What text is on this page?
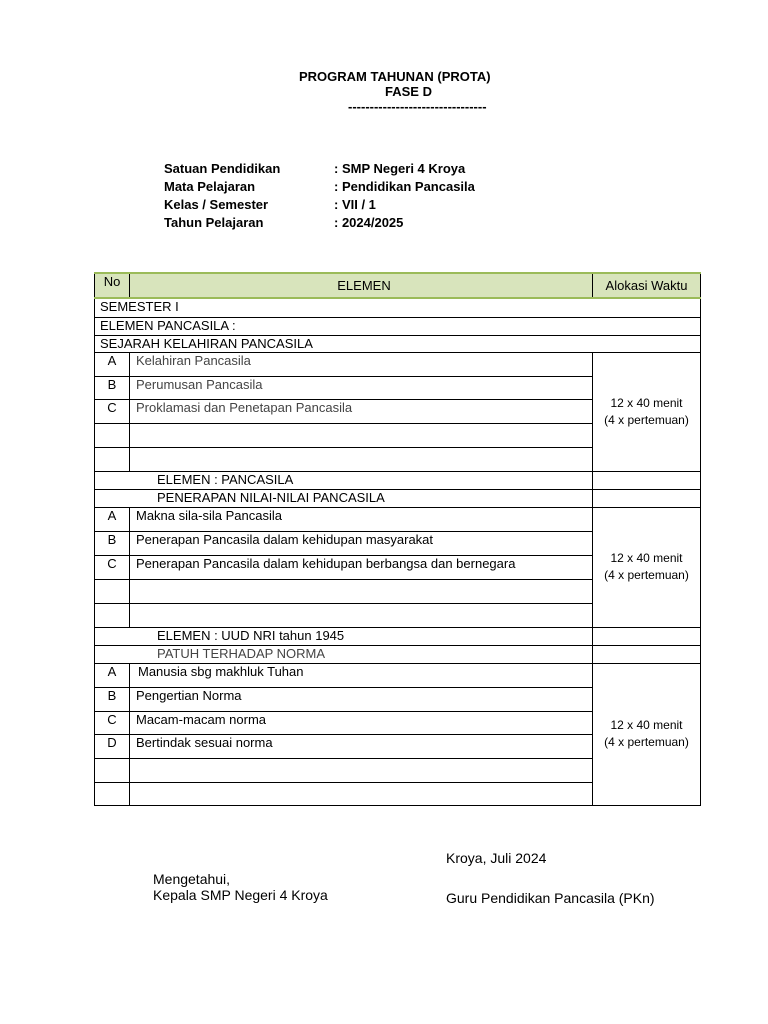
PROGRAM TAHUNAN (PROTA)
FASE D
--------------------------------
Satuan Pendidikan	: SMP Negeri 4 Kroya
Mata Pelajaran	: Pendidikan Pancasila
Kelas / Semester	: VII / 1
Tahun Pelajaran	: 2024/2025
No	ELEMEN	Alokasi Waktu
SEMESTER I		
ELEMEN PANCASILA :		
SEJARAH KELAHIRAN PANCASILA		
A	Kelahiran Pancasila	12 x 40 menit
(4 x pertemuan)

B	Perumusan Pancasila	
C	Proklamasi dan Penetapan Pancasila	

ELEMEN : PANCASILA		
PENERAPAN NILAI-NILAI PANCASILA		
A	Makna sila-sila Pancasila	12 x 40 menit
(4 x pertemuan)

B	Penerapan Pancasila dalam kehidupan masyarakat	
C	Penerapan Pancasila dalam kehidupan berbangsa dan bernegara	

ELEMEN : UUD NRI tahun 1945		
PATUH TERHADAP NORMA		
A	Manusia sbg makhluk Tuhan	12 x 40 menit
(4 x pertemuan)

B	Pengertian Norma	
C	Macam-macam norma	
D	Bertindak sesuai norma	

Kroya, Juli 2024
Mengetahui,
Kepala SMP Negeri 4 Kroya	Guru Pendidikan Pancasila (PKn)
